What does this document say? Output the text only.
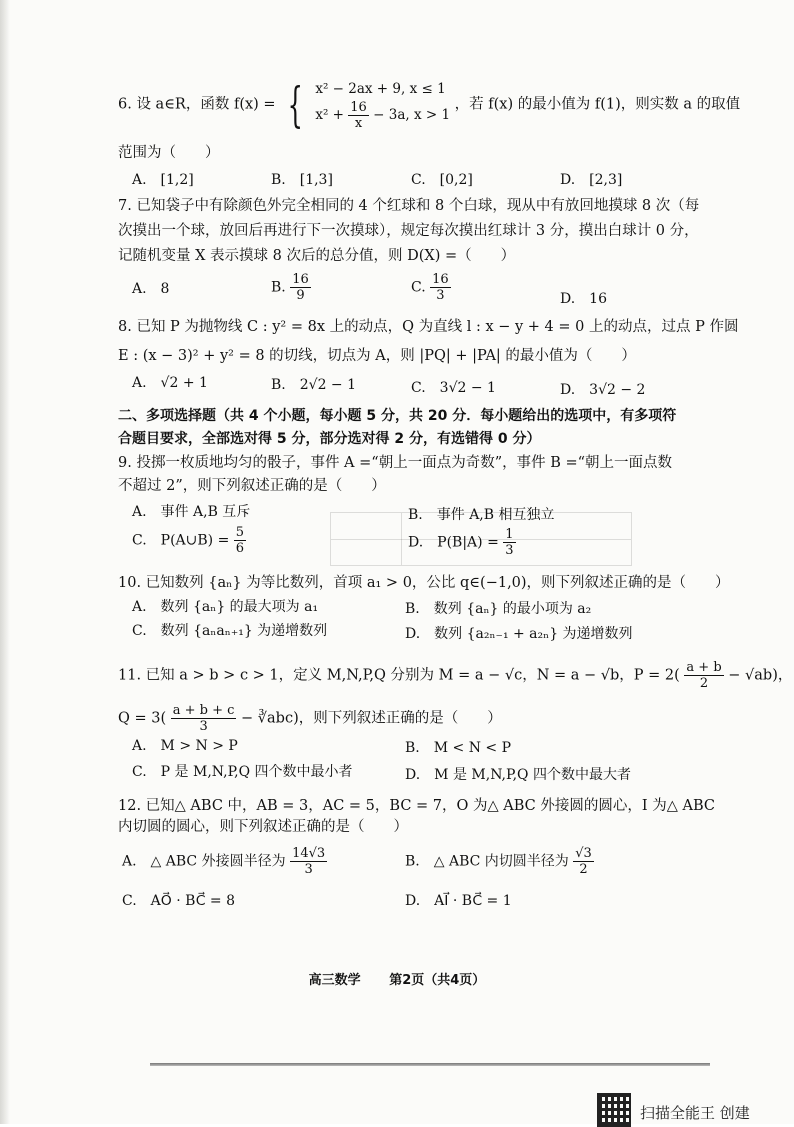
6. 设 a∈R，函数 f(x) = { x² − 2ax + 9, x ≤ 1
$x^2 + \frac{16}{x} - 3a$, x > 1
，若 f(x) 的最小值为 f(1)，则实数 a 的取值
范围为（　　）
A.　[1,2]	B.　[1,3]	C.　[0,2]	D.　[2,3]
7. 已知袋子中有除颜色外完全相同的 4 个红球和 8 个白球，现从中有放回地摸球 8 次（每
次摸出一个球，放回后再进行下一次摸球），规定每次摸出红球计 3 分，摸出白球计 0 分，
记随机变量 X 表示摸球 8 次后的总分值，则 D(X) =（　　）
A.　8	B. $\frac{16}{9}$	C. $\frac{16}{3}$	D.　16
8. 已知 P 为抛物线 C : y² = 8x 上的动点，Q 为直线 l : x − y + 4 = 0 上的动点，过点 P 作圆
E : (x − 3)² + y² = 8 的切线，切点为 A，则 |PQ| + |PA| 的最小值为（　　）
A.　√2 + 1	B.　2√2 − 1	C.　3√2 − 1	D.　3√2 − 2
二、多项选择题（共 4 个小题，每小题 5 分，共 20 分．每小题给出的选项中，有多项符
合题目要求，全部选对得 5 分，部分选对得 2 分，有选错得 0 分）
9. 投掷一枚质地均匀的骰子，事件 A =“朝上一面点为奇数”，事件 B =“朝上一面点数
不超过 2”，则下列叙述正确的是（　　）
A.　事件 A,B 互斥	B.　事件 A,B 相互独立
C.　P(A∪B) = $\frac{5}{6}$	D.　$P(B|A) = \frac{1}{3}$
10. 已知数列 {aₙ} 为等比数列，首项 a₁ > 0，公比 q∈(−1,0)，则下列叙述正确的是（　　）
A.　数列 {aₙ} 的最大项为 a₁	B.　数列 {aₙ} 的最小项为 a₂
C.　数列 {aₙaₙ₊₁} 为递增数列	D.　数列 {a₂ₙ₋₁ + a₂ₙ} 为递增数列
11. 已知 a > b > c > 1，定义 M,N,P,Q 分别为 M = a − √c，N = a − √b，$P = 2( \frac{a + b}{2} - √ab)$，
$Q = 3( \frac{a + b + c}{3}$ − ∛abc)，则下列叙述正确的是（　　）
A.　M > N > P	B.　M < N < P
C.　P 是 M,N,P,Q 四个数中最小者	D.　M 是 M,N,P,Q 四个数中最大者
12. 已知△ ABC 中，AB = 3，AC = 5，BC = 7，O 为△ ABC 外接圆的圆心，I 为△ ABC
内切圆的圆心，则下列叙述正确的是（　　）
A.　△ ABC 外接圆半径为 $\frac{14√3}{3}$	B.　△ ABC 内切圆半径为 $\frac{√3}{2}$
C.　AO⃗ · BC⃗ = 8	D.　AI⃗ · BC⃗ = 1
高三数学 第2页（共4页）
扫描全能王 创建
